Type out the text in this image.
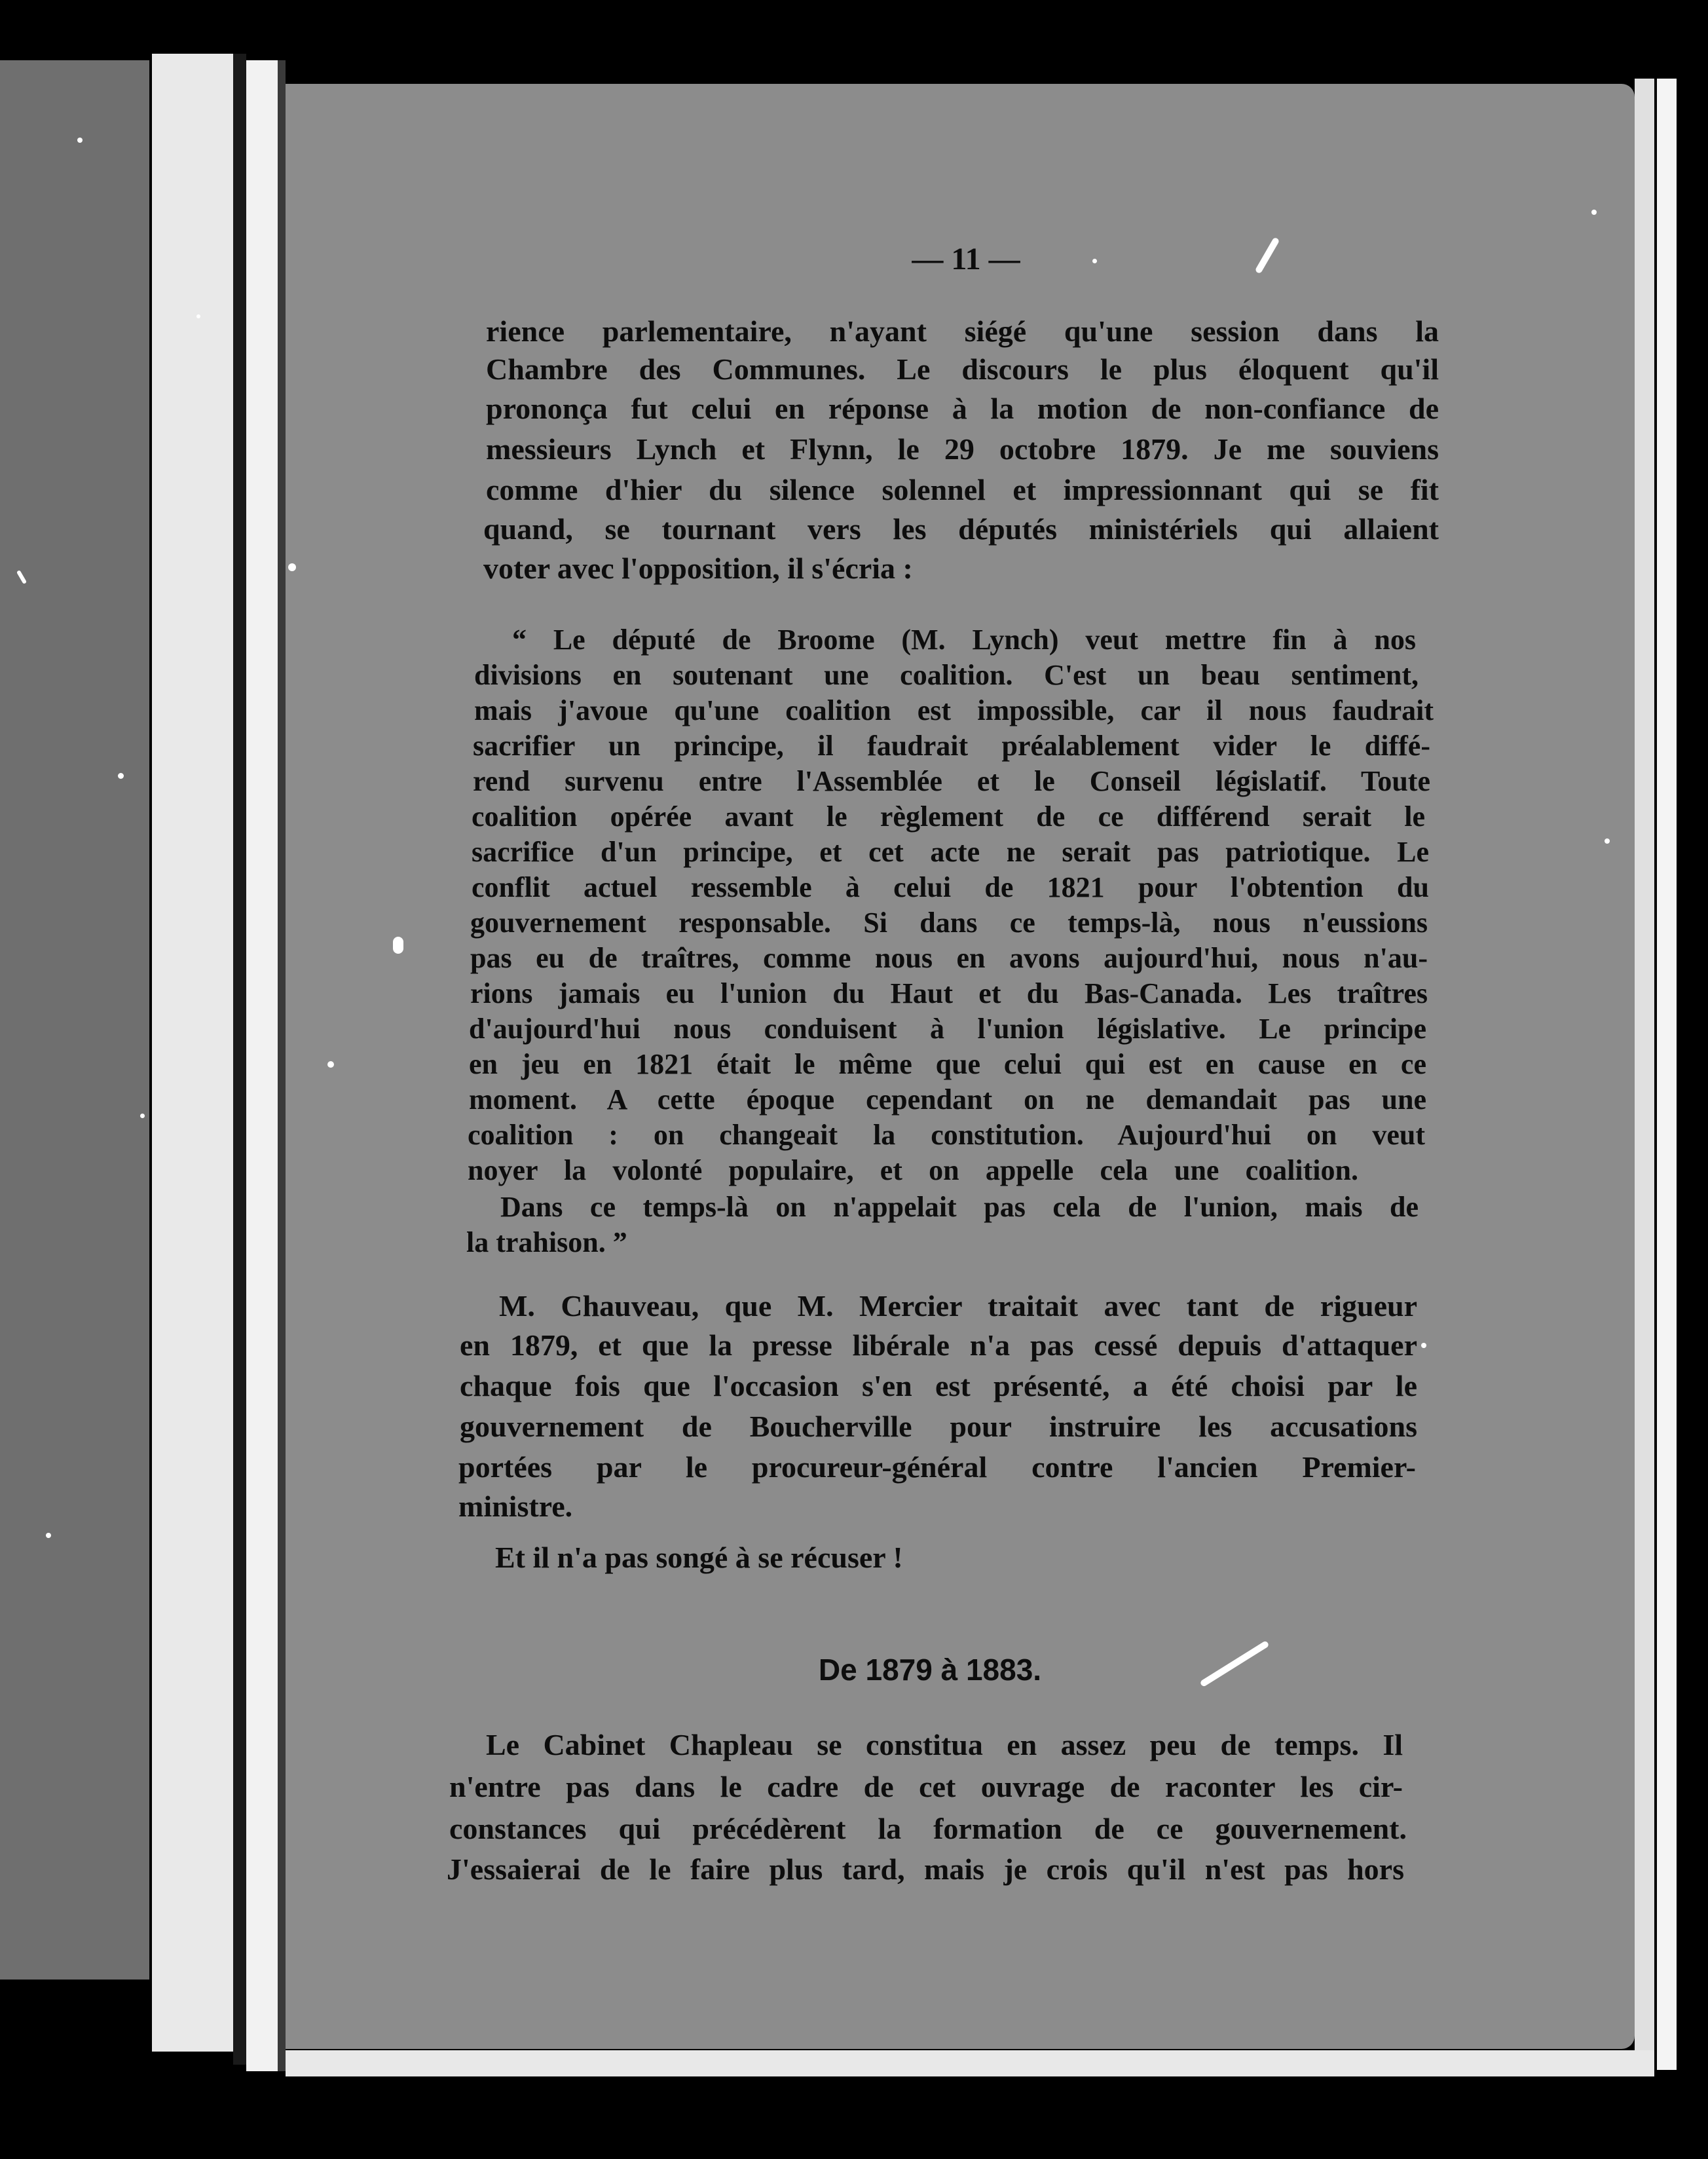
— 11 —
rience parlementaire, n'ayant siégé qu'une session dans la
Chambre des Communes. Le discours le plus éloquent qu'il
prononça fut celui en réponse à la motion de non-confiance de
messieurs Lynch et Flynn, le 29 octobre 1879. Je me souviens
comme d'hier du silence solennel et impressionnant qui se fit
quand, se tournant vers les députés ministériels qui allaient
voter avec l'opposition, il s'écria :
“ Le député de Broome (M. Lynch) veut mettre fin à nos
divisions en soutenant une coalition. C'est un beau sentiment,
mais j'avoue qu'une coalition est impossible, car il nous faudrait
sacrifier un principe, il faudrait préalablement vider le diffé-
rend survenu entre l'Assemblée et le Conseil législatif. Toute
coalition opérée avant le règlement de ce différend serait le
sacrifice d'un principe, et cet acte ne serait pas patriotique. Le
conflit actuel ressemble à celui de 1821 pour l'obtention du
gouvernement responsable. Si dans ce temps-là, nous n'eussions
pas eu de traîtres, comme nous en avons aujourd'hui, nous n'au-
rions jamais eu l'union du Haut et du Bas-Canada. Les traîtres
d'aujourd'hui nous conduisent à l'union législative. Le principe
en jeu en 1821 était le même que celui qui est en cause en ce
moment. A cette époque cependant on ne demandait pas une
coalition : on changeait la constitution. Aujourd'hui on veut
noyer la volonté populaire, et on appelle cela une coalition.
Dans ce temps-là on n'appelait pas cela de l'union, mais de
la trahison. ”
M. Chauveau, que M. Mercier traitait avec tant de rigueur
en 1879, et que la presse libérale n'a pas cessé depuis d'attaquer
chaque fois que l'occasion s'en est présenté, a été choisi par le
gouvernement de Boucherville pour instruire les accusations
portées par le procureur-général contre l'ancien Premier-
ministre.
Et il n'a pas songé à se récuser !
De 1879 à 1883.
Le Cabinet Chapleau se constitua en assez peu de temps. Il
n'entre pas dans le cadre de cet ouvrage de raconter les cir-
constances qui précédèrent la formation de ce gouvernement.
J'essaierai de le faire plus tard, mais je crois qu'il n'est pas hors
